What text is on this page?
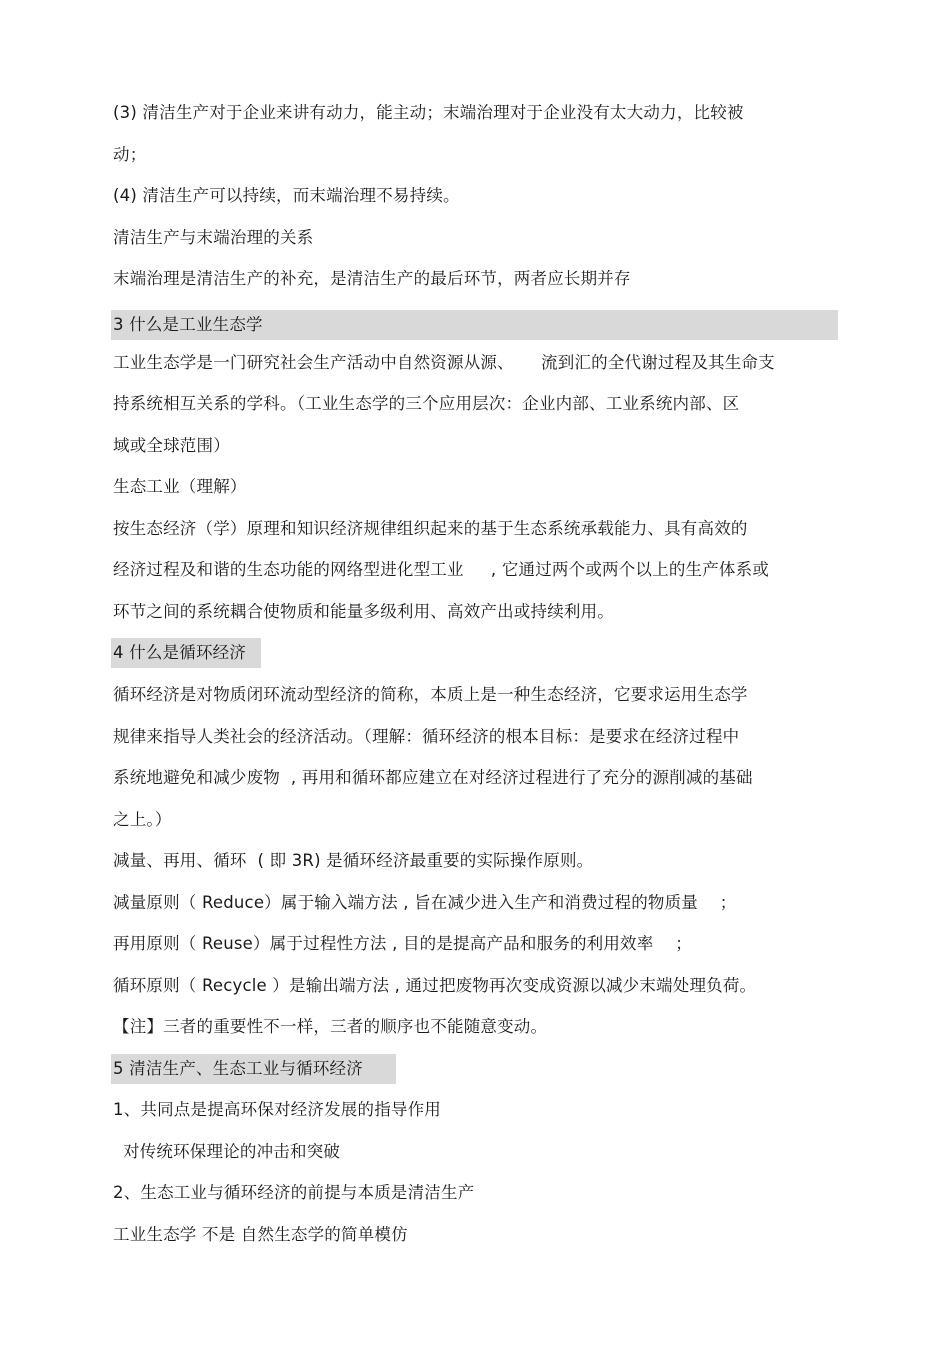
(3) 清洁生产对于企业来讲有动力，能主动；末端治理对于企业没有太大动力，比较被
动；
(4) 清洁生产可以持续，而末端治理不易持续。
清洁生产与末端治理的关系
末端治理是清洁生产的补充，是清洁生产的最后环节，两者应长期并存
3 什么是工业生态学
工业生态学是一门研究社会生产活动中自然资源从源、     流到汇的全代谢过程及其生命支
持系统相互关系的学科。（工业生态学的三个应用层次：企业内部、工业系统内部、区
域或全球范围）
生态工业（理解）
按生态经济（学）原理和知识经济规律组织起来的基于生态系统承载能力、具有高效的
经济过程及和谐的生态功能的网络型进化型工业     , 它通过两个或两个以上的生产体系或
环节之间的系统耦合使物质和能量多级利用、高效产出或持续利用。
4 什么是循环经济
循环经济是对物质闭环流动型经济的简称，本质上是一种生态经济，它要求运用生态学
规律来指导人类社会的经济活动。（理解：循环经济的根本目标：是要求在经济过程中
系统地避免和减少废物  , 再用和循环都应建立在对经济过程进行了充分的源削减的基础
之上。）
减量、再用、循环  ( 即 3R) 是循环经济最重要的实际操作原则。
减量原则（ Reduce）属于输入端方法 , 旨在减少进入生产和消费过程的物质量    ；
再用原则（ Reuse）属于过程性方法 , 目的是提高产品和服务的利用效率    ；
循环原则（ Recycle ）是输出端方法 , 通过把废物再次变成资源以减少末端处理负荷。
【注】三者的重要性不一样，三者的顺序也不能随意变动。
5 清洁生产、生态工业与循环经济
1、共同点是提高环保对经济发展的指导作用
对传统环保理论的冲击和突破
2、生态工业与循环经济的前提与本质是清洁生产
工业生态学 不是 自然生态学的简单模仿
